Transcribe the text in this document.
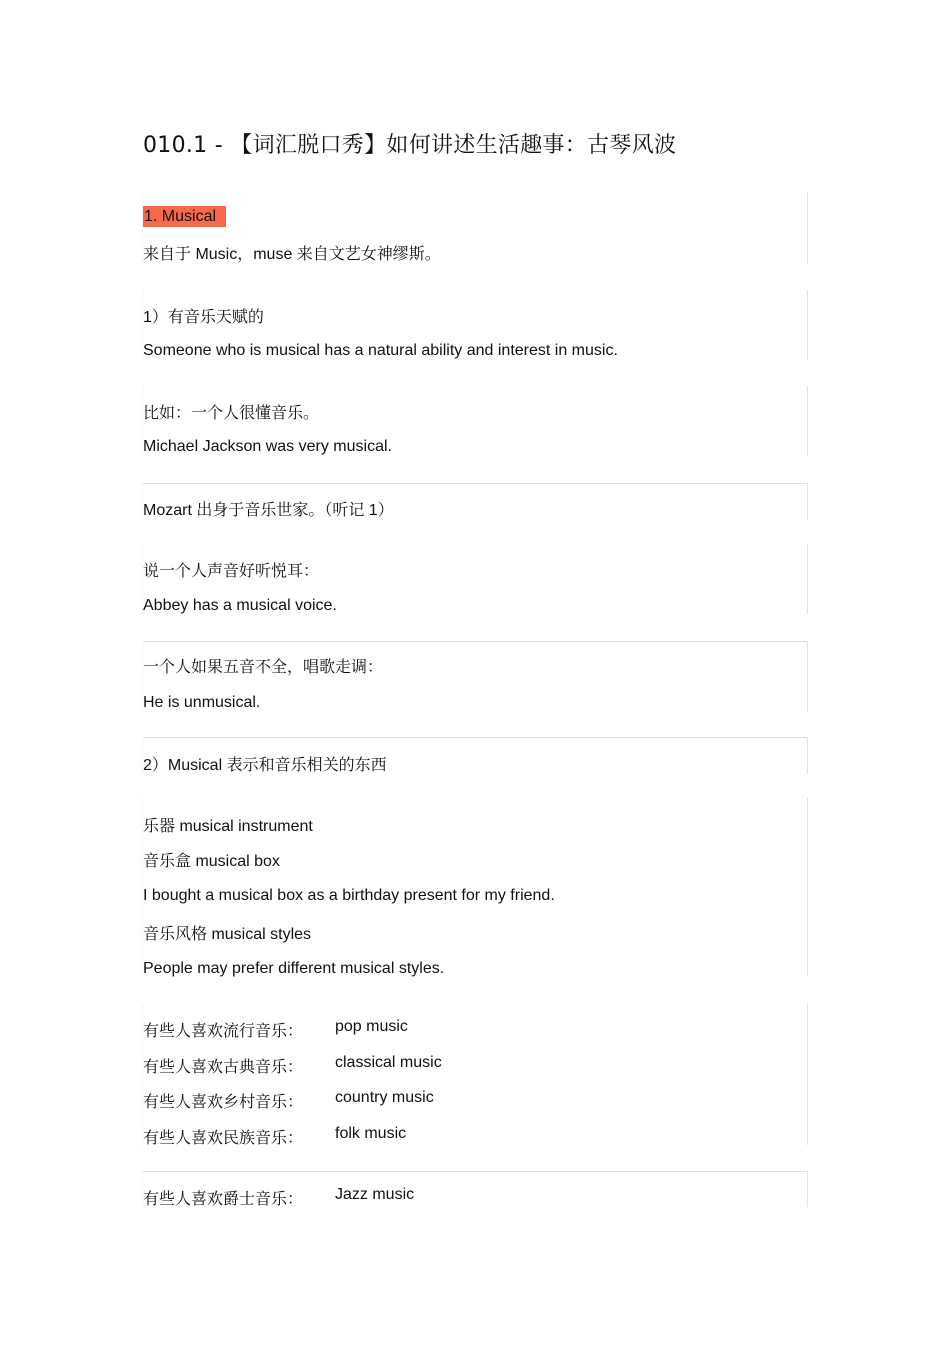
010.1 - 【词汇脱口秀】如何讲述生活趣事：古琴风波
1. Musical
来自于 Music，muse 来自文艺女神缪斯。
1）有音乐天赋的
Someone who is musical has a natural ability and interest in music.
比如：一个人很懂音乐。
Michael Jackson was very musical.
Mozart 出身于音乐世家。（听记 1）
说一个人声音好听悦耳：
Abbey has a musical voice.
一个人如果五音不全，唱歌走调：
He is unmusical.
2）Musical 表示和音乐相关的东西
乐器 musical instrument
音乐盒 musical box
I bought a musical box as a birthday present for my friend.
音乐风格 musical styles
People may prefer different musical styles.
有些人喜欢流行音乐： pop music
有些人喜欢古典音乐： classical music
有些人喜欢乡村音乐： country music
有些人喜欢民族音乐： folk music
有些人喜欢爵士音乐： Jazz music
